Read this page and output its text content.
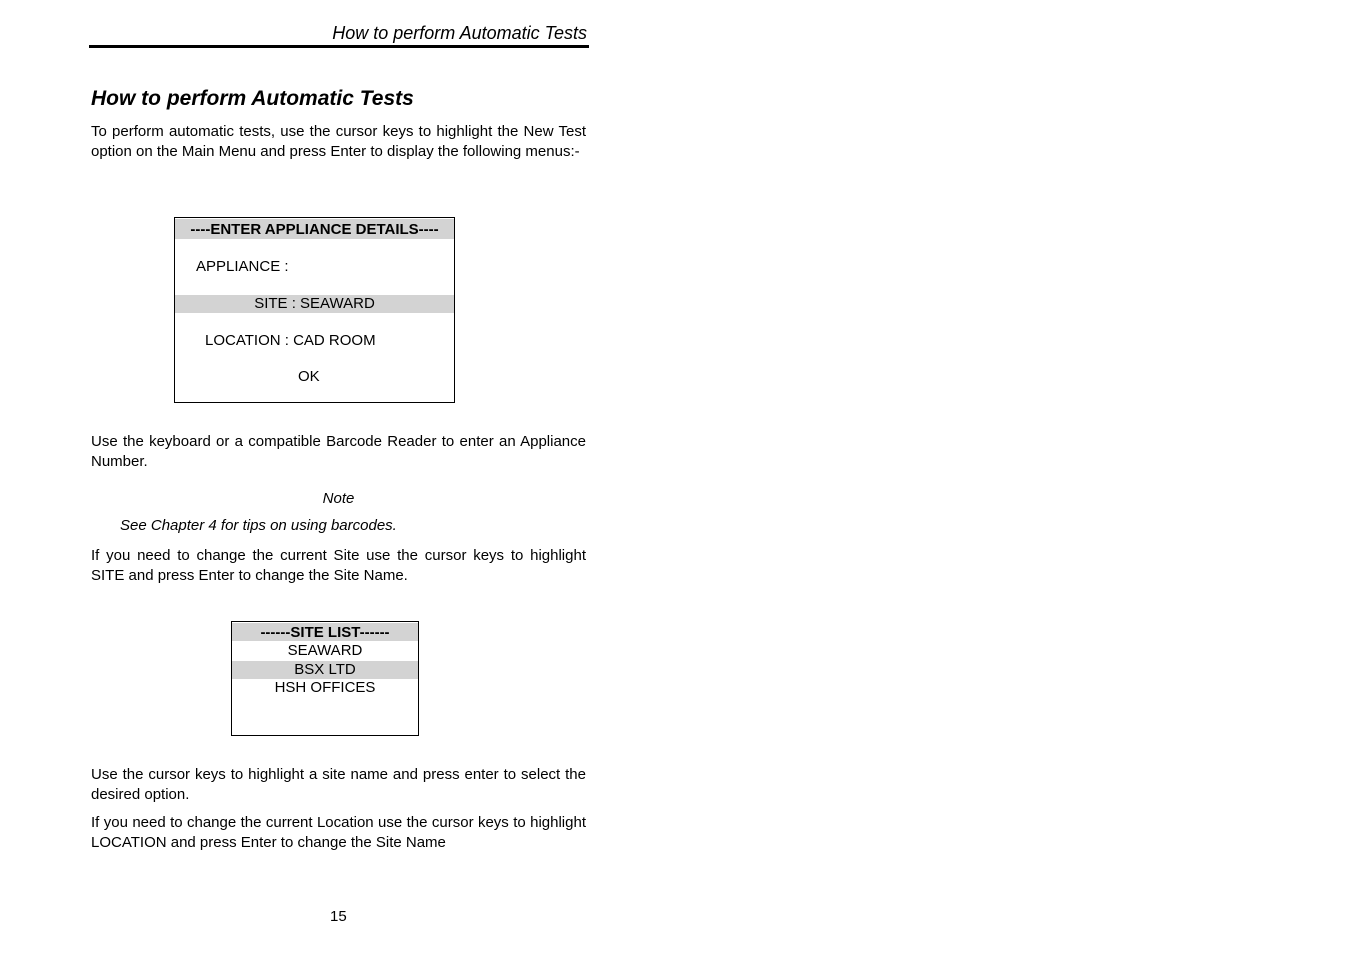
How to perform Automatic Tests
How to perform Automatic Tests

To perform automatic tests, use the cursor keys to highlight the New Test option on the Main Menu and press Enter to display the following menus:-

----ENTER APPLIANCE DETAILS----
APPLIANCE :
SITE : SEAWARD
LOCATION : CAD ROOM
OK

Use the keyboard or a compatible Barcode Reader to enter an Appliance Number.

Note
See Chapter 4 for tips on using barcodes.

If you need to change the current Site use the cursor keys to highlight SITE and press Enter to change the Site Name.

------SITE LIST------
SEAWARD
BSX LTD
HSH OFFICES

Use the cursor keys to highlight a site name and press enter to select the desired option.

If you need to change the current Location use the cursor keys to highlight LOCATION and press Enter to change the Site Name

15
